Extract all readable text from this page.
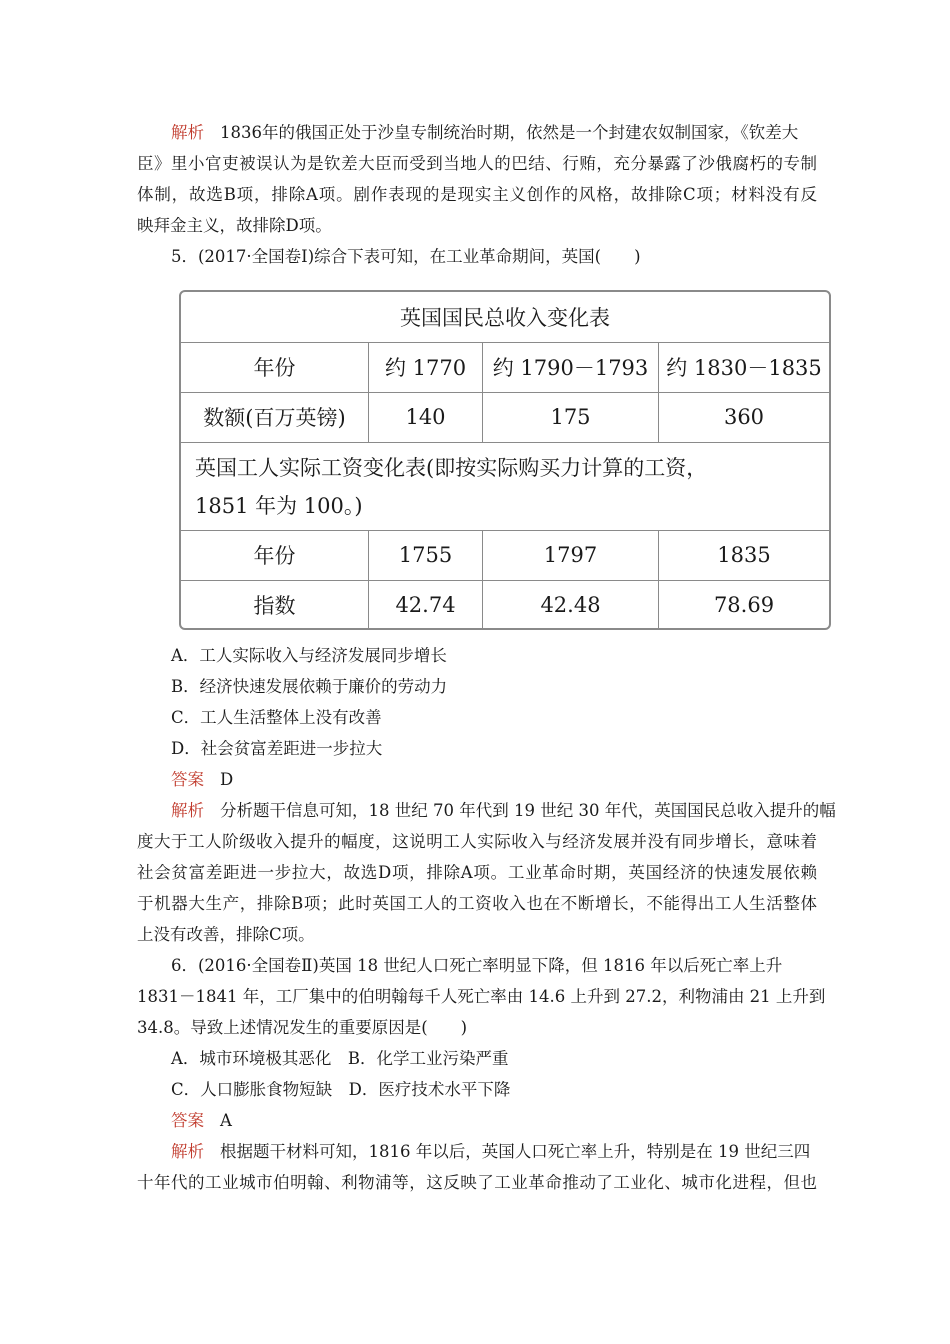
解析 1836年的俄国正处于沙皇专制统治时期，依然是一个封建农奴制国家，《钦差大
臣》里小官吏被误认为是钦差大臣而受到当地人的巴结、行贿，充分暴露了沙俄腐朽的专制
体制，故选B项，排除A项。剧作表现的是现实主义创作的风格，故排除C项；材料没有反
映拜金主义，故排除D项。
5．(2017·全国卷Ⅰ)综合下表可知，在工业革命期间，英国(　　)
英国国民总收入变化表
年份	约 1770	约 1790－1793 约 1830－1835
数额(百万英镑)	140	175	360
英国工人实际工资变化表(即按实际购买力计算的工资，
1851 年为 100。)
年份	1755	1797	1835
指数	42.74	42.48	78.69
A．工人实际收入与经济发展同步增长
B．经济快速发展依赖于廉价的劳动力
C．工人生活整体上没有改善
D．社会贫富差距进一步拉大
答案 D
解析 分析题干信息可知，18 世纪 70 年代到 19 世纪 30 年代，英国国民总收入提升的幅
度大于工人阶级收入提升的幅度，这说明工人实际收入与经济发展并没有同步增长，意味着
社会贫富差距进一步拉大，故选D项，排除A项。工业革命时期，英国经济的快速发展依赖
于机器大生产，排除B项；此时英国工人的工资收入也在不断增长，不能得出工人生活整体
上没有改善，排除C项。
6．(2016·全国卷Ⅱ)英国 18 世纪人口死亡率明显下降，但 1816 年以后死亡率上升
1831－1841 年，工厂集中的伯明翰每千人死亡率由 14.6 上升到 27.2，利物浦由 21 上升到
34.8。导致上述情况发生的重要原因是(　　)
A．城市环境极其恶化　B．化学工业污染严重
C．人口膨胀食物短缺　D．医疗技术水平下降
答案 A
解析 根据题干材料可知，1816 年以后，英国人口死亡率上升，特别是在 19 世纪三四
十年代的工业城市伯明翰、利物浦等，这反映了工业革命推动了工业化、城市化进程，但也
